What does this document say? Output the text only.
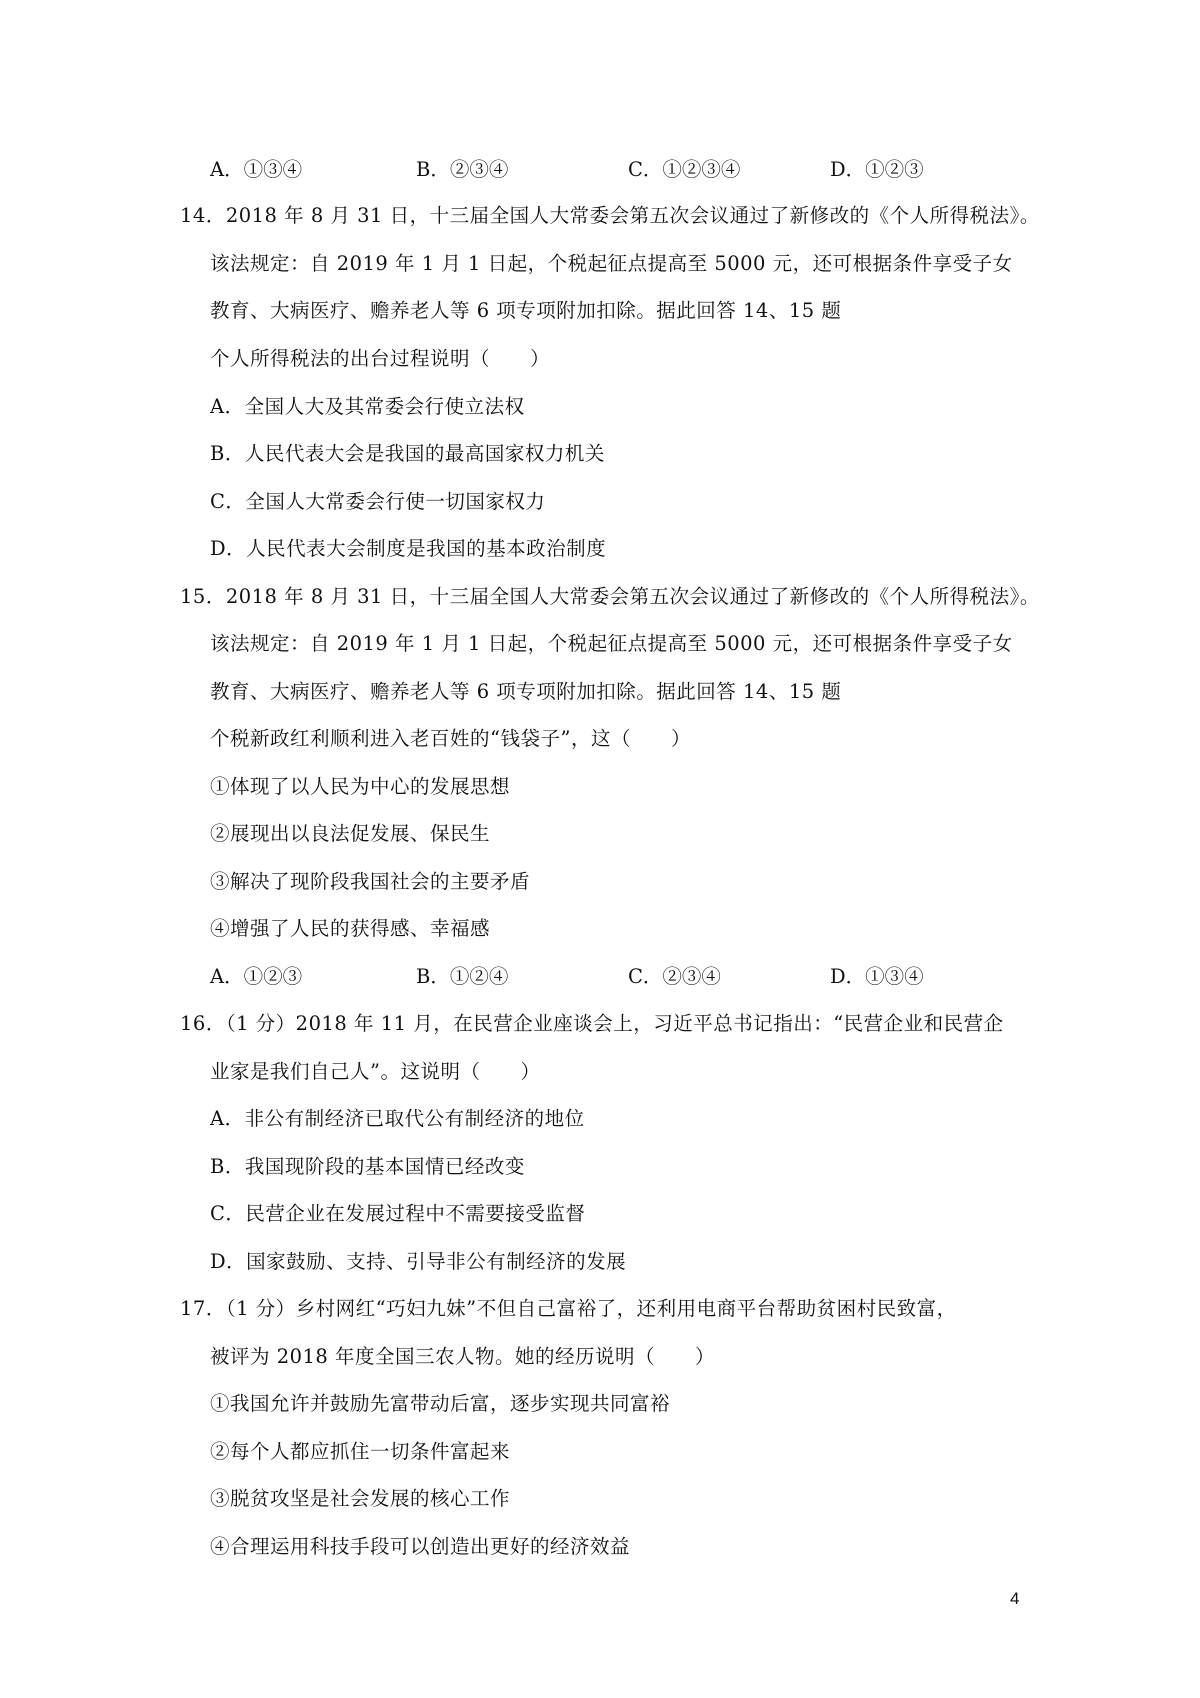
A．①③④	B．②③④	C．①②③④	D．①②③
14．2018 年 8 月 31 日，十三届全国人大常委会第五次会议通过了新修改的《个人所得税法》。
该法规定：自 2019 年 1 月 1 日起，个税起征点提高至 5000 元，还可根据条件享受子女
教育、大病医疗、赡养老人等 6 项专项附加扣除。据此回答 14、15 题
个人所得税法的出台过程说明（　　）
A．全国人大及其常委会行使立法权
B．人民代表大会是我国的最高国家权力机关
C．全国人大常委会行使一切国家权力
D．人民代表大会制度是我国的基本政治制度
15．2018 年 8 月 31 日，十三届全国人大常委会第五次会议通过了新修改的《个人所得税法》。
该法规定：自 2019 年 1 月 1 日起，个税起征点提高至 5000 元，还可根据条件享受子女
教育、大病医疗、赡养老人等 6 项专项附加扣除。据此回答 14、15 题
个税新政红利顺利进入老百姓的“钱袋子”，这（　　）
①体现了以人民为中心的发展思想
②展现出以良法促发展、保民生
③解决了现阶段我国社会的主要矛盾
④增强了人民的获得感、幸福感
A．①②③	B．①②④	C．②③④	D．①③④
16．（1 分）2018 年 11 月，在民营企业座谈会上，习近平总书记指出：“民营企业和民营企
业家是我们自己人”。这说明（　　）
A．非公有制经济已取代公有制经济的地位
B．我国现阶段的基本国情已经改变
C．民营企业在发展过程中不需要接受监督
D．国家鼓励、支持、引导非公有制经济的发展
17．（1 分）乡村网红“巧妇九妹”不但自己富裕了，还利用电商平台帮助贫困村民致富，
被评为 2018 年度全国三农人物。她的经历说明（　　）
①我国允许并鼓励先富带动后富，逐步实现共同富裕
②每个人都应抓住一切条件富起来
③脱贫攻坚是社会发展的核心工作
④合理运用科技手段可以创造出更好的经济效益
4
